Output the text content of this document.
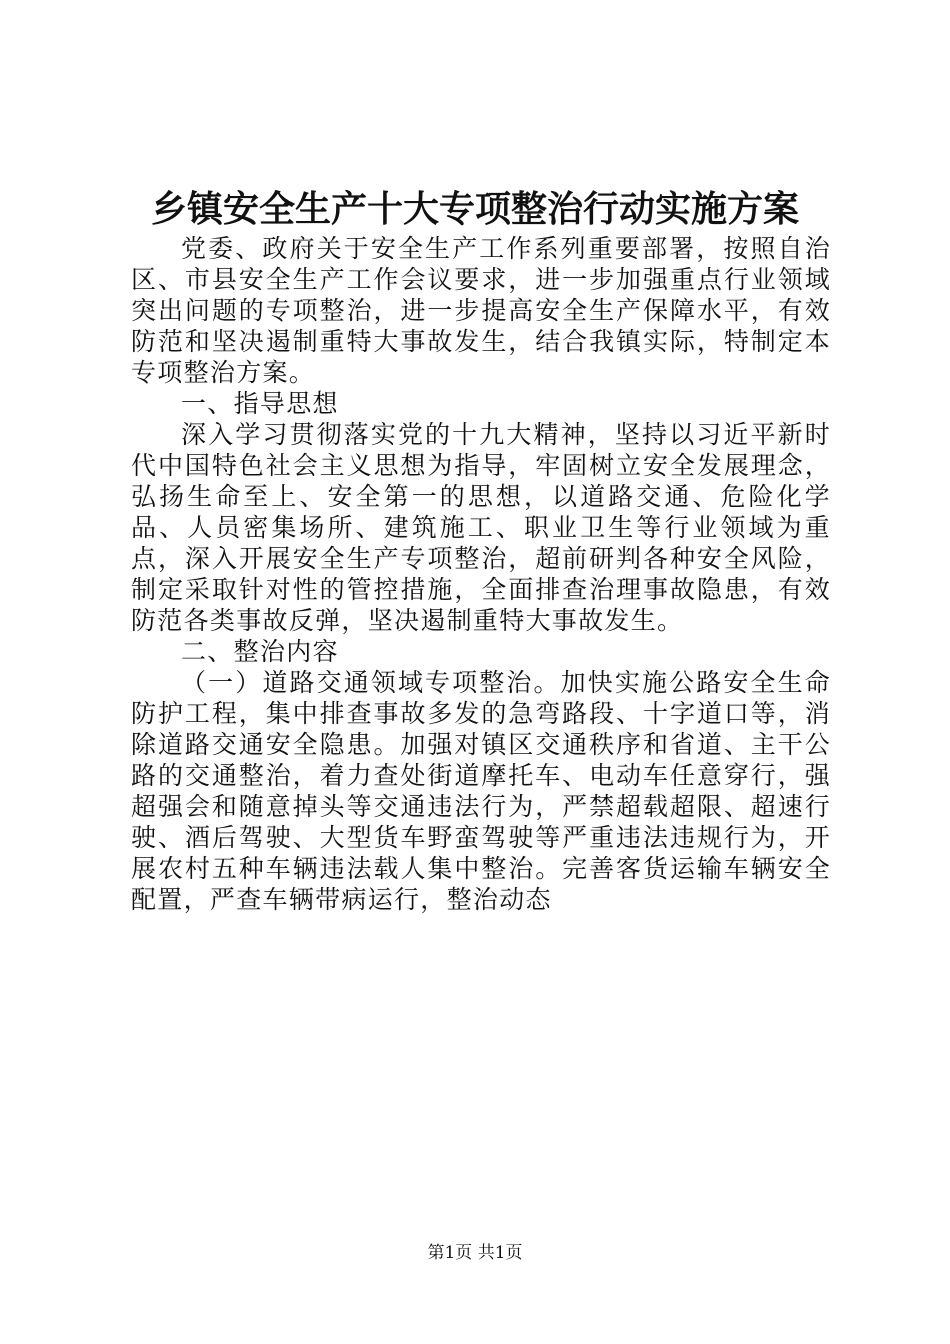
乡镇安全生产十大专项整治行动实施方案

党委、政府关于安全生产工作系列重要部署，按照自治区、市县安全生产工作会议要求，进一步加强重点行业领域突出问题的专项整治，进一步提高安全生产保障水平，有效防范和坚决遏制重特大事故发生，结合我镇实际，特制定本专项整治方案。

一、指导思想

深入学习贯彻落实党的十九大精神，坚持以习近平新时代中国特色社会主义思想为指导，牢固树立安全发展理念，弘扬生命至上、安全第一的思想，以道路交通、危险化学品、人员密集场所、建筑施工、职业卫生等行业领域为重点，深入开展安全生产专项整治，超前研判各种安全风险，制定采取针对性的管控措施，全面排查治理事故隐患，有效防范各类事故反弹，坚决遏制重特大事故发生。

二、整治内容

（一）道路交通领域专项整治。加快实施公路安全生命防护工程，集中排查事故多发的急弯路段、十字道口等，消除道路交通安全隐患。加强对镇区交通秩序和省道、主干公路的交通整治，着力查处街道摩托车、电动车任意穿行，强超强会和随意掉头等交通违法行为，严禁超载超限、超速行驶、酒后驾驶、大型货车野蛮驾驶等严重违法违规行为，开展农村五种车辆违法载人集中整治。完善客货运输车辆安全配置，严查车辆带病运行，整治动态

第1页 共1页
